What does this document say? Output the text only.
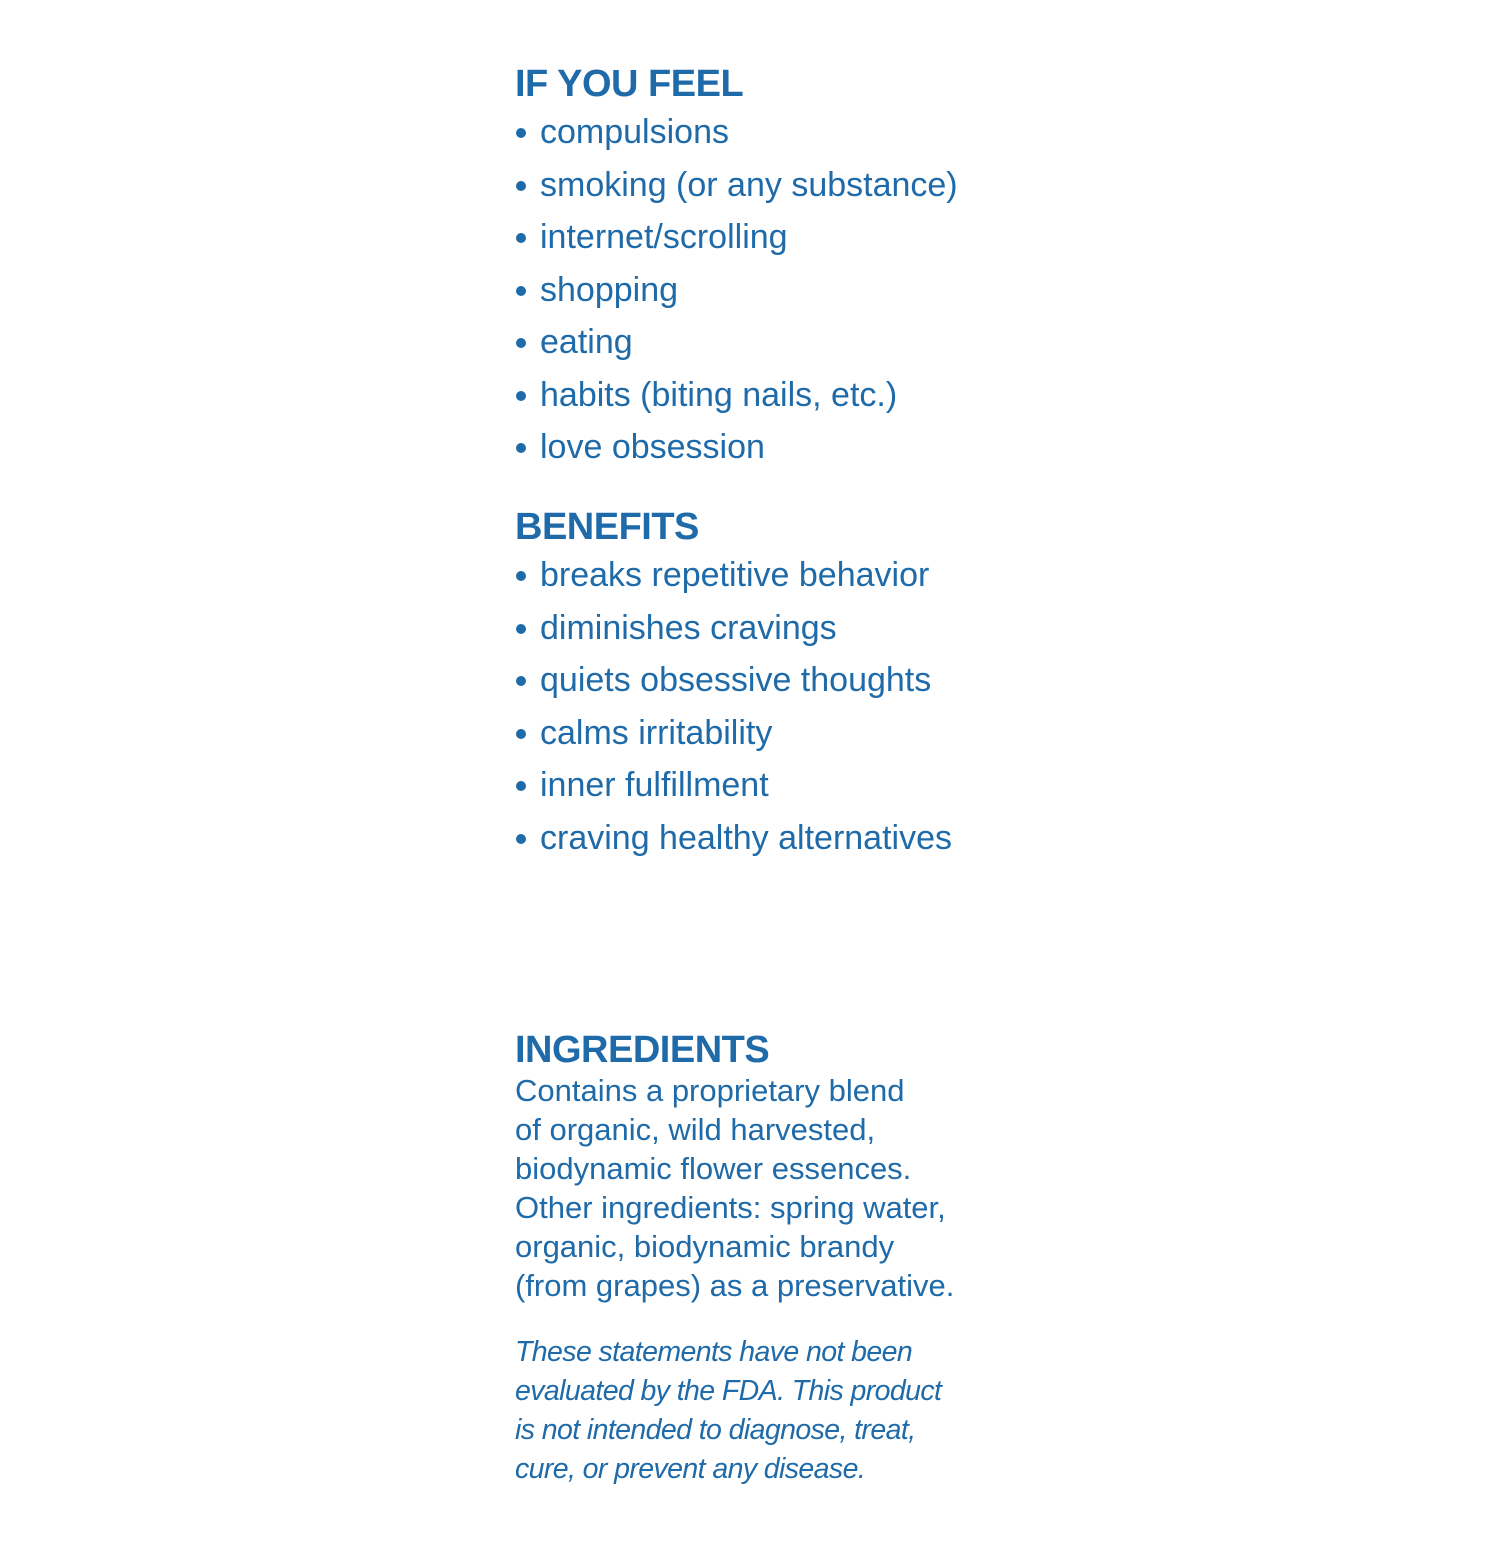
IF YOU FEEL
compulsions
smoking (or any substance)
internet/scrolling
shopping
eating
habits (biting nails, etc.)
love obsession
BENEFITS
breaks repetitive behavior
diminishes cravings
quiets obsessive thoughts
calms irritability
inner fulfillment
craving healthy alternatives
INGREDIENTS

Contains a proprietary blend
of organic, wild harvested,
biodynamic flower essences.
Other ingredients: spring water,
organic, biodynamic brandy
(from grapes) as a preservative.

These statements have not been
evaluated by the FDA. This product
is not intended to diagnose, treat,
cure, or prevent any disease.
